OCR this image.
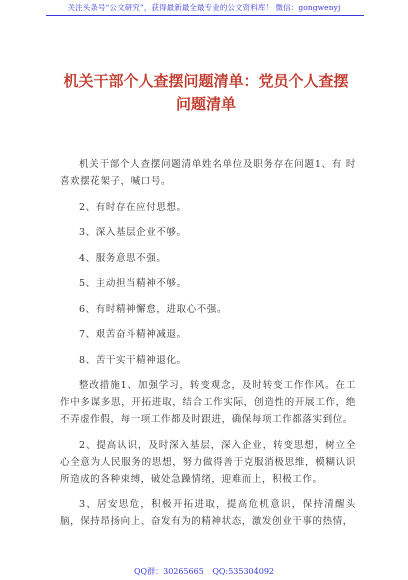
关注头条号“公文研究”，获得最新最全最专业的公文资料库！ 微信：gongwenyj
机关干部个人查摆问题清单：党员个人查摆问题清单

机关干部个人查摆问题清单姓名单位及职务存在问题1、有 时喜欢摆花架子，喊口号。

2、有时存在应付思想。

3、深入基层企业不够。

4、服务意思不强。

5、主动担当精神不够。

6、有时精神懈怠，进取心不强。

7、艰苦奋斗精神减退。

8、苦干实干精神退化。

整改措施1、加强学习，转变观念，及时转变工作作风。在工作中多谋多思，开拓进取，结合工作实际，创造性的开展工作，绝不弄虚作假，每一项工作都及时跟进，确保每项工作都落实到位。

2、提高认识，及时深入基层，深入企业，转变思想，树立全心全意为人民服务的思想，努力做得善于克服消极思维，模糊认识所造成的各种束缚，破处急躁情绪，迎难而上，积极工作。

3、居安思危，积极开拓进取，提高危机意识，保持清醒头脑，保持昂扬向上、奋发有为的精神状态，激发创业干事的热情，

QQ群：30265665 QQ:535304092
